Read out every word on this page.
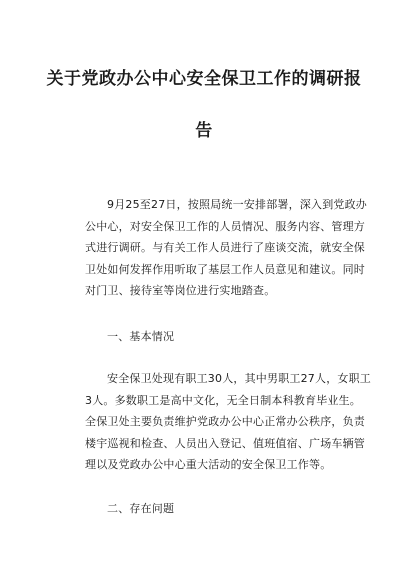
关于党政办公中心安全保卫工作的调研报
告
9月25至27日，按照局统一安排部署，深入到党政办
公中心，对安全保卫工作的人员情况、服务内容、管理方
式进行调研。与有关工作人员进行了座谈交流，就安全保
卫处如何发挥作用听取了基层工作人员意见和建议。同时
对门卫、接待室等岗位进行实地踏查。
一、基本情况
安全保卫处现有职工30人，其中男职工27人，女职工
3人。多数职工是高中文化，无全日制本科教育毕业生。
全保卫处主要负责维护党政办公中心正常办公秩序，负责
楼宇巡视和检查、人员出入登记、值班值宿、广场车辆管
理以及党政办公中心重大活动的安全保卫工作等。
二、存在问题
